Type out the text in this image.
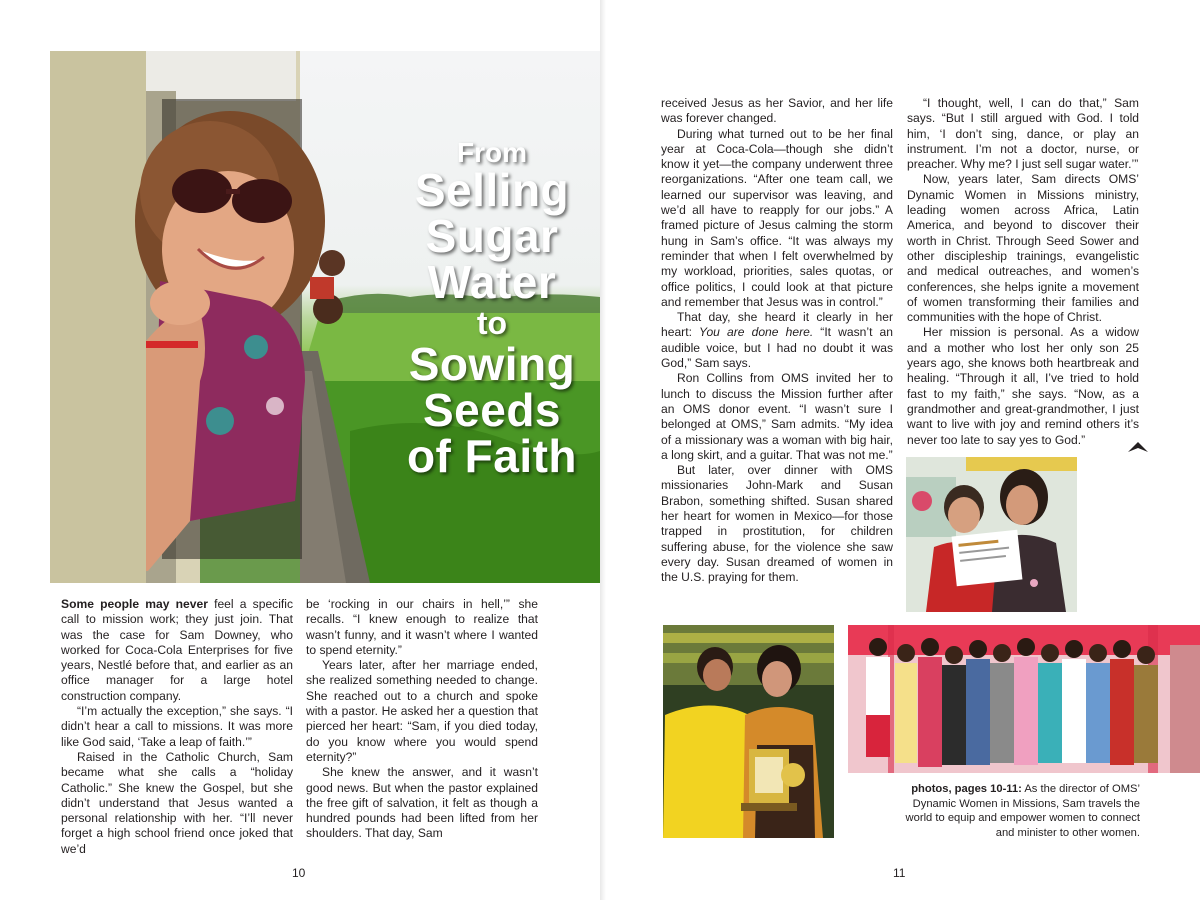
From
Selling
Sugar
Water
to
Sowing
Seeds
of Faith

Some people may never feel a specific call to mission work; they just join. That was the case for Sam Downey, who worked for Coca-Cola Enterprises for five years, Nestlé before that, and earlier as an office manager for a large hotel construction company.

“I’m actually the exception,” she says. “I didn’t hear a call to missions. It was more like God said, ‘Take a leap of faith.’”

Raised in the Catholic Church, Sam became what she calls a “holiday Catholic.” She knew the Gospel, but she didn’t understand that Jesus wanted a personal relationship with her. “I’ll never forget a high school friend once joked that we’d

be ‘rocking in our chairs in hell,’” she recalls. “I knew enough to realize that wasn’t funny, and it wasn’t where I wanted to spend eternity.”

Years later, after her marriage ended, she realized something needed to change. She reached out to a church and spoke with a pastor. He asked her a question that pierced her heart: “Sam, if you died today, do you know where you would spend eternity?”

She knew the answer, and it wasn’t good news. But when the pastor explained the free gift of salvation, it felt as though a hundred pounds had been lifted from her shoulders. That day, Sam

received Jesus as her Savior, and her life was forever changed.

During what turned out to be her final year at Coca-Cola—though she didn’t know it yet—the company underwent three reorganizations. “After one team call, we learned our supervisor was leaving, and we’d all have to reapply for our jobs.” A framed picture of Jesus calming the storm hung in Sam’s office. “It was always my reminder that when I felt overwhelmed by my workload, priorities, sales quotas, or office politics, I could look at that picture and remember that Jesus was in control.”

That day, she heard it clearly in her heart: You are done here. “It wasn’t an audible voice, but I had no doubt it was God,” Sam says.

Ron Collins from OMS invited her to lunch to discuss the Mission further after an OMS donor event. “I wasn’t sure I belonged at OMS,” Sam admits. “My idea of a missionary was a woman with big hair, a long skirt, and a guitar. That was not me.”

But later, over dinner with OMS missionaries John-Mark and Susan Brabon, something shifted. Susan shared her heart for women in Mexico—for those trapped in prostitution, for children suffering abuse, for the violence she saw every day. Susan dreamed of women in the U.S. praying for them.

“I thought, well, I can do that,” Sam says. “But I still argued with God. I told him, ‘I don’t sing, dance, or play an instrument. I’m not a doctor, nurse, or preacher. Why me? I just sell sugar water.’”

Now, years later, Sam directs OMS’ Dynamic Women in Missions ministry, leading women across Africa, Latin America, and beyond to discover their worth in Christ. Through Seed Sower and other discipleship trainings, evangelistic and medical outreaches, and women’s conferences, she helps ignite a movement of women transforming their families and communities with the hope of Christ.

Her mission is personal. As a widow and a mother who lost her only son 25 years ago, she knows both heartbreak and healing. “Through it all, I’ve tried to hold fast to my faith,” she says. “Now, as a grandmother and great-grandmother, I just want to live with joy and remind others it’s never too late to say yes to God.”

photos, pages 10-11: As the director of OMS’ Dynamic Women in Missions, Sam travels the world to equip and empower women to connect and minister to other women.
10	11
